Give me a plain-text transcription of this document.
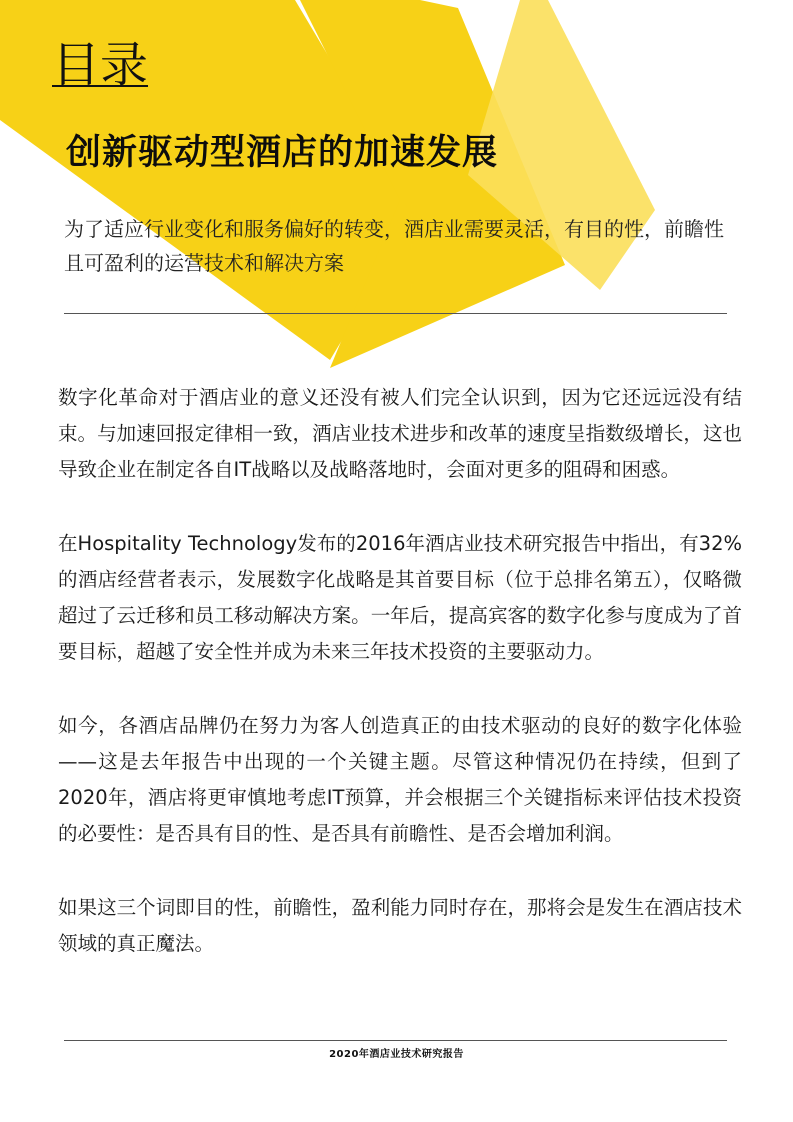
目录
创新驱动型酒店的加速发展

为了适应行业变化和服务偏好的转变，酒店业需要灵活，有目的性，前瞻性且可盈利的运营技术和解决方案

数字化革命对于酒店业的意义还没有被人们完全认识到，因为它还远远没有结束。与加速回报定律相一致，酒店业技术进步和改革的速度呈指数级增长，这也导致企业在制定各自IT战略以及战略落地时，会面对更多的阻碍和困惑。

在Hospitality Technology发布的2016年酒店业技术研究报告中指出，有32%的酒店经营者表示，发展数字化战略是其首要目标（位于总排名第五），仅略微超过了云迁移和员工移动解决方案。一年后，提高宾客的数字化参与度成为了首要目标，超越了安全性并成为未来三年技术投资的主要驱动力。

如今，各酒店品牌仍在努力为客人创造真正的由技术驱动的良好的数字化体验——这是去年报告中出现的一个关键主题。尽管这种情况仍在持续，但到了2020年，酒店将更审慎地考虑IT预算，并会根据三个关键指标来评估技术投资的必要性：是否具有目的性、是否具有前瞻性、是否会增加利润。

如果这三个词即目的性，前瞻性，盈利能力同时存在，那将会是发生在酒店技术领域的真正魔法。

2020年酒店业技术研究报告
